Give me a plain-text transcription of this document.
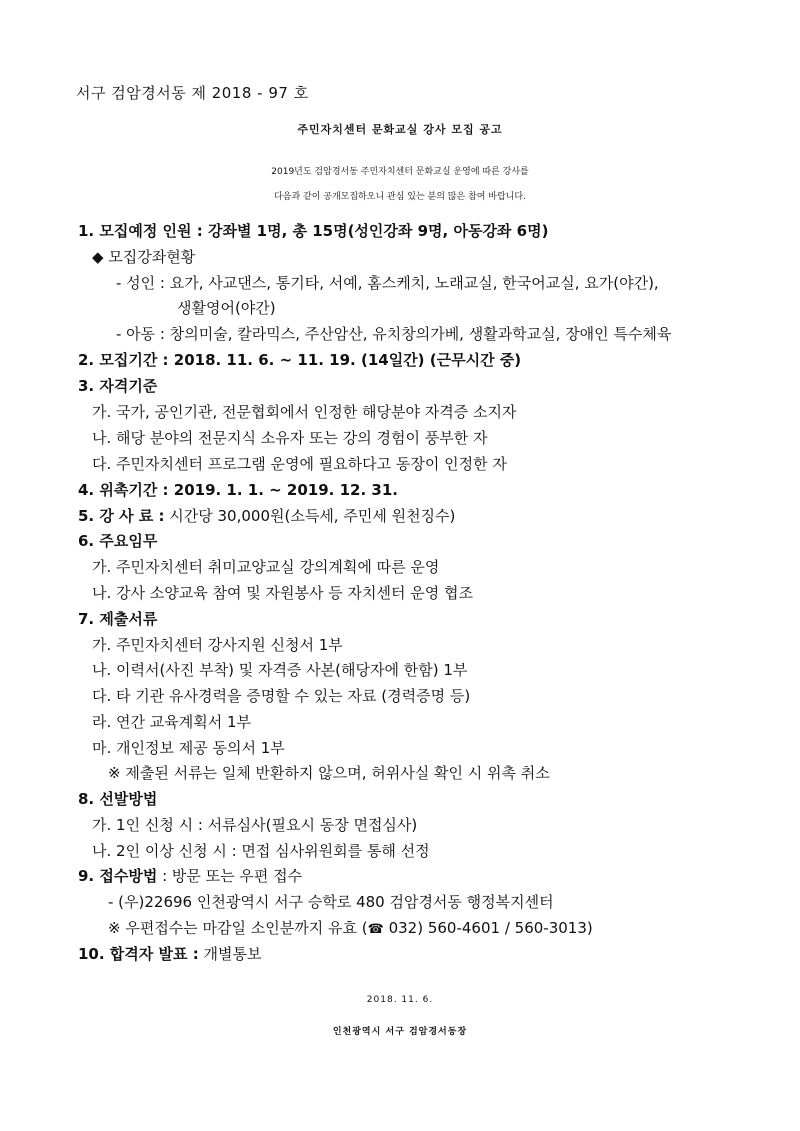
서구 검암경서동 제 2018 - 97 호
주민자치센터 문화교실 강사 모집 공고
2019년도 검암경서동 주민자치센터 문화교실 운영에 따른 강사를
다음과 같이 공개모집하오니 관심 있는 분의 많은 참여 바랍니다.
1. 모집예정 인원 : 강좌별 1명, 총 15명(성인강좌 9명, 아동강좌 6명)
◆ 모집강좌현황
- 성인 : 요가, 사교댄스, 통기타, 서예, 홈스케치, 노래교실, 한국어교실, 요가(야간),
생활영어(야간)
- 아동 : 창의미술, 칼라믹스, 주산암산, 유치창의가베, 생활과학교실, 장애인 특수체육
2. 모집기간 : 2018. 11. 6. ~ 11. 19. (14일간) (근무시간 중)
3. 자격기준
가. 국가, 공인기관, 전문협회에서 인정한 해당분야 자격증 소지자
나. 해당 분야의 전문지식 소유자 또는 강의 경험이 풍부한 자
다. 주민자치센터 프로그램 운영에 필요하다고 동장이 인정한 자
4. 위촉기간 : 2019. 1. 1. ~ 2019. 12. 31.
5. 강 사 료 : 시간당 30,000원(소득세, 주민세 원천징수)
6. 주요임무
가. 주민자치센터 취미교양교실 강의계획에 따른 운영
나. 강사 소양교육 참여 및 자원봉사 등 자치센터 운영 협조
7. 제출서류
가. 주민자치센터 강사지원 신청서 1부
나. 이력서(사진 부착) 및 자격증 사본(해당자에 한함) 1부
다. 타 기관 유사경력을 증명할 수 있는 자료 (경력증명 등)
라. 연간 교육계획서 1부
마. 개인정보 제공 동의서 1부
※ 제출된 서류는 일체 반환하지 않으며, 허위사실 확인 시 위촉 취소
8. 선발방법
가. 1인 신청 시 : 서류심사(필요시 동장 면접심사)
나. 2인 이상 신청 시 : 면접 심사위원회를 통해 선정
9. 접수방법 : 방문 또는 우편 접수
- (우)22696 인천광역시 서구 승학로 480 검암경서동 행정복지센터
※ 우편접수는 마감일 소인분까지 유효 (☎ 032) 560-4601 / 560-3013)
10. 합격자 발표 : 개별통보
2018. 11. 6.
인천광역시 서구 검암경서동장
